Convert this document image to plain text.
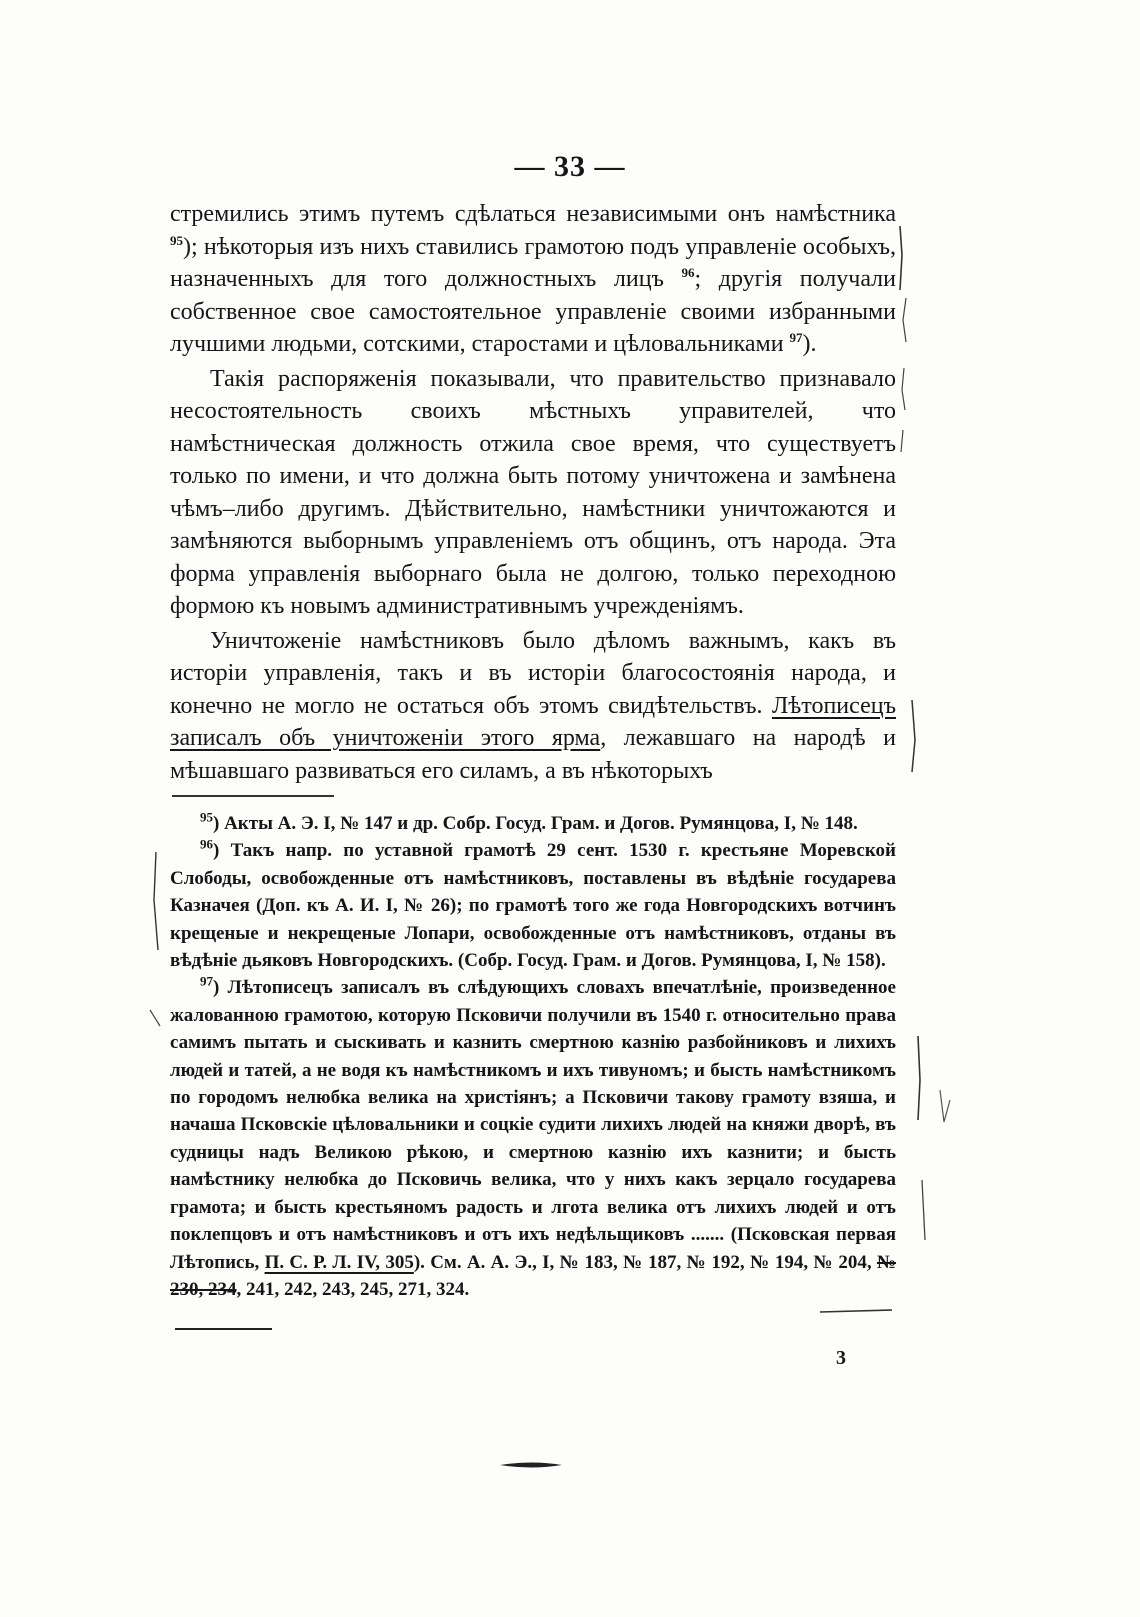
— 33 —

стремились этимъ путемъ сдѣлаться независимыми онъ намѣстника $^{95}$); нѣкоторыя изъ нихъ ставились грамотою подъ управленіе особыхъ, назначенныхъ для того должностныхъ лицъ $^{96}$; другія получали собственное свое самостоятельное управленіе своими избранными лучшими людьми, сотскими, старостами и цѣловальниками $^{97}$).

Такія распоряженія показывали, что правительство признавало несостоятельность своихъ мѣстныхъ управителей, что намѣстническая должность отжила свое время, что существуетъ только по имени, и что должна быть потому уничтожена и замѣнена чѣмъ–либо другимъ. Дѣйствительно, намѣстники уничтожаются и замѣняются выборнымъ управленіемъ отъ общинъ, отъ народа. Эта форма управленія выборнаго была не долгою, только переходною формою къ новымъ административнымъ учрежденіямъ.

Уничтоженіе намѣстниковъ было дѣломъ важнымъ, какъ въ исторіи управленія, такъ и въ исторіи благосостоянія народа, и конечно не могло не остаться объ этомъ свидѣтельствъ. Лѣтописецъ записалъ объ уничтоженіи этого ярма, лежавшаго на народѣ и мѣшавшаго развиваться его силамъ, а въ нѣкоторыхъ

$^{95}$) Акты А. Э. I, № 147 и др. Собр. Госуд. Грам. и Догов. Румянцова, I, № 148.

$^{96}$) Такъ напр. по уставной грамотѣ 29 сент. 1530 г. крестьяне Моревской Слободы, освобожденные отъ намѣстниковъ, поставлены въ вѣдѣніе государева Казначея (Доп. къ А. И. I, № 26); по грамотѣ того же года Новгородскихъ вотчинъ крещеные и некрещеные Лопари, освобожденные отъ намѣстниковъ, отданы въ вѣдѣніе дьяковъ Новгородскихъ. (Собр. Госуд. Грам. и Догов. Румянцова, I, № 158).

$^{97}$) Лѣтописецъ записалъ въ слѣдующихъ словахъ впечатлѣніе, произведенное жалованною грамотою, которую Псковичи получили въ 1540 г. относительно права самимъ пытать и сыскивать и казнить смертною казнію разбойниковъ и лихихъ людей и татей, а не водя къ намѣстникомъ и ихъ тивуномъ; и бысть намѣстникомъ по городомъ нелюбка велика на христіянъ; а Псковичи такову грамоту взяша, и начаша Псковскіе цѣловальники и соцкіе судити лихихъ людей на княжи дворѣ, въ судницы надъ Великою рѣкою, и смертною казнію ихъ казнити; и бысть намѣстнику нелюбка до Псковичь велика, что у нихъ какъ зерцало государева грамота; и бысть крестьяномъ радость и лгота велика отъ лихихъ людей и отъ поклепцовъ и отъ намѣстниковъ и отъ ихъ недѣльщиковъ ....... (Псковская первая Лѣтопись, П. С. Р. Л. IV, 305). См. А. А. Э., I, № 183, № 187, № 192, № 194, № 204, № 230, 234, 241, 242, 243, 245, 271, 324.

3
